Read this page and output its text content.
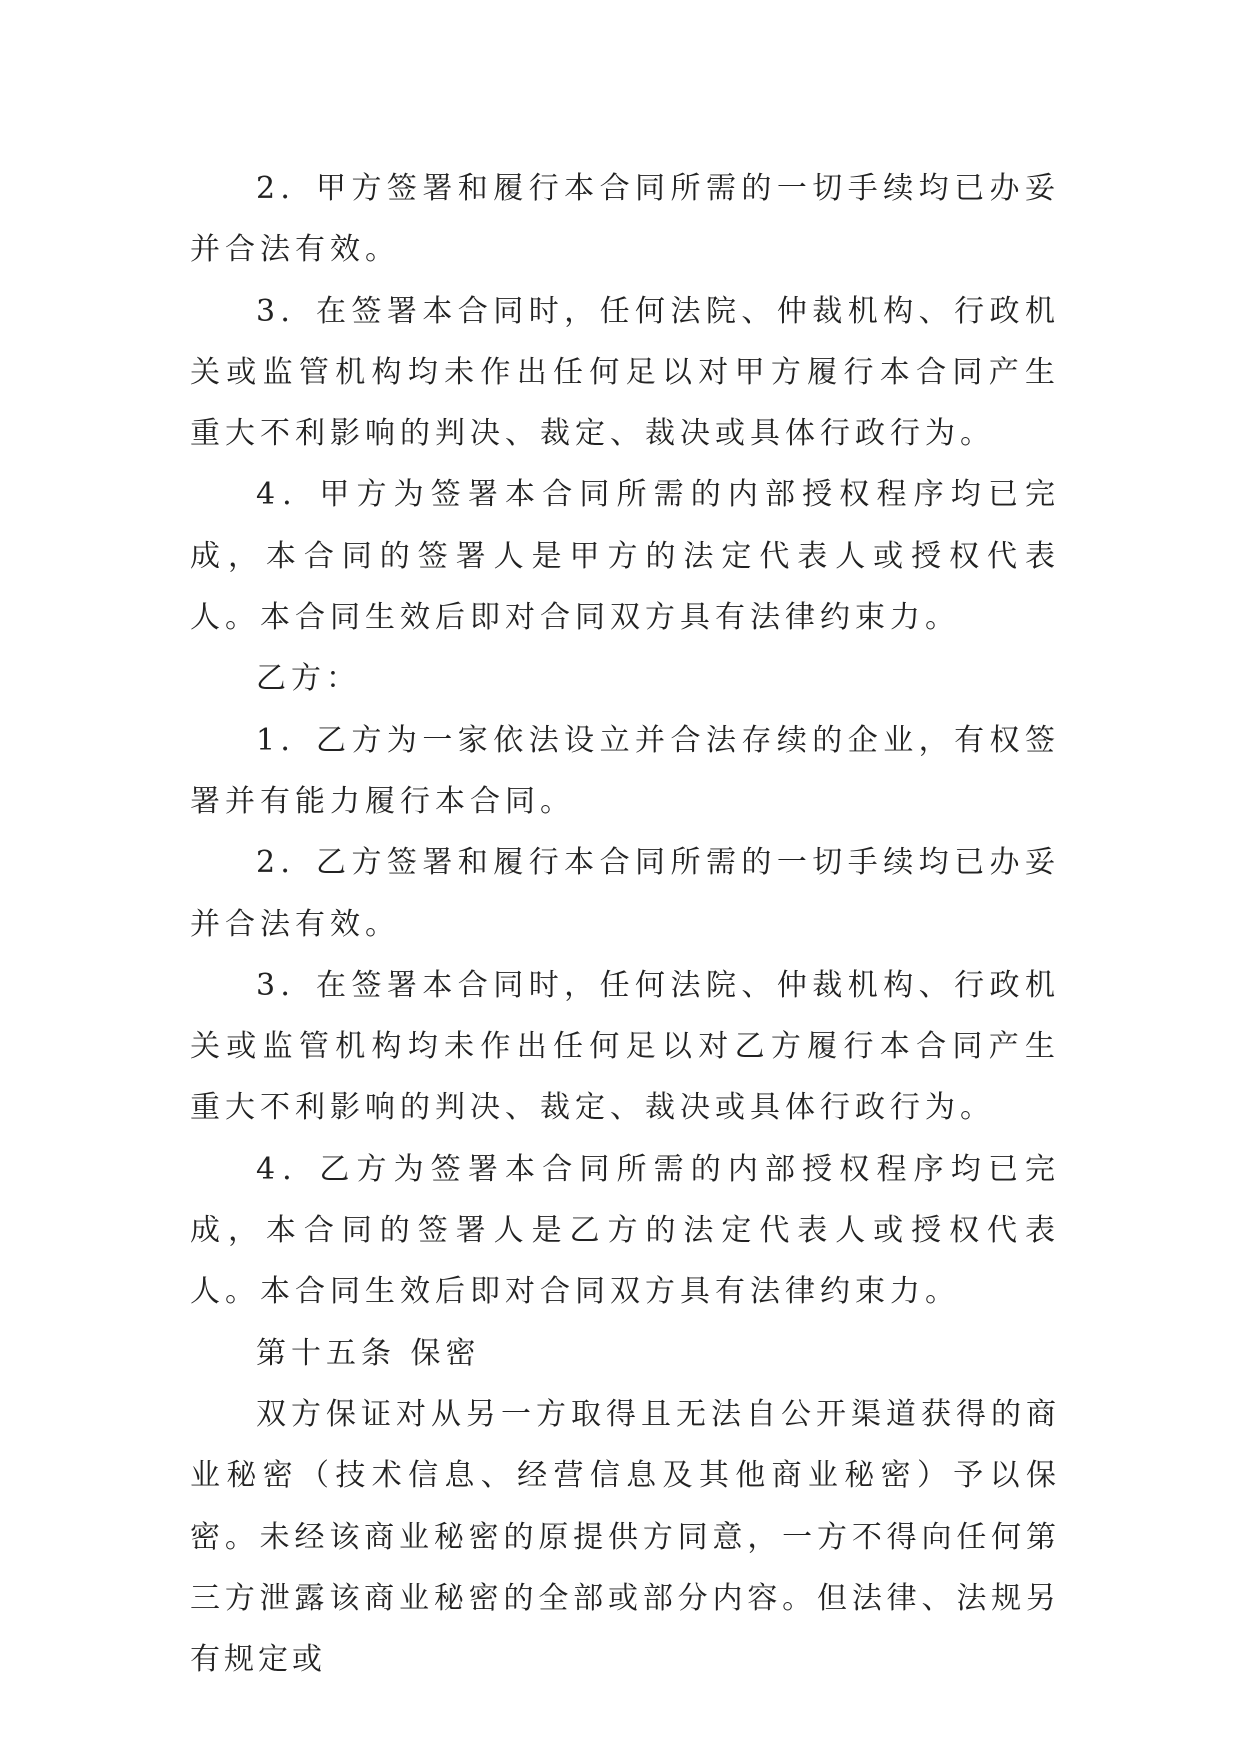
2．甲方签署和履行本合同所需的一切手续均已办妥并合法有效。

3．在签署本合同时，任何法院、仲裁机构、行政机关或监管机构均未作出任何足以对甲方履行本合同产生重大不利影响的判决、裁定、裁决或具体行政行为。

4．甲方为签署本合同所需的内部授权程序均已完成，本合同的签署人是甲方的法定代表人或授权代表人。本合同生效后即对合同双方具有法律约束力。

乙方：

1．乙方为一家依法设立并合法存续的企业，有权签署并有能力履行本合同。

2．乙方签署和履行本合同所需的一切手续均已办妥并合法有效。

3．在签署本合同时，任何法院、仲裁机构、行政机关或监管机构均未作出任何足以对乙方履行本合同产生重大不利影响的判决、裁定、裁决或具体行政行为。

4．乙方为签署本合同所需的内部授权程序均已完成，本合同的签署人是乙方的法定代表人或授权代表人。本合同生效后即对合同双方具有法律约束力。

第十五条 保密

双方保证对从另一方取得且无法自公开渠道获得的商业秘密（技术信息、经营信息及其他商业秘密）予以保密。未经该商业秘密的原提供方同意，一方不得向任何第三方泄露该商业秘密的全部或部分内容。但法律、法规另有规定或
